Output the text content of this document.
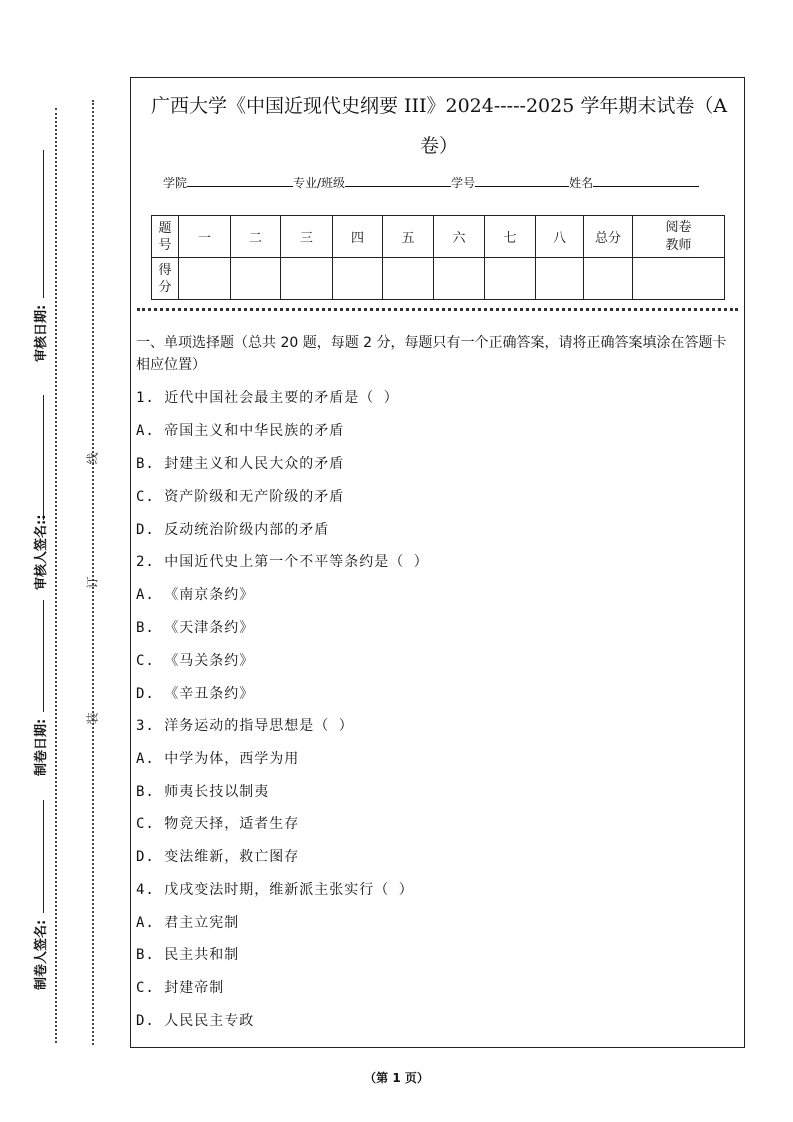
审核日期:
审核人签名::
制卷日期:
制卷人签名:
线
订
装
广西大学《中国近现代史纲要 III》2024-----2025 学年期末试卷（A
卷）
学院	专业/班级	学号	姓名
题号	一	二	三	四	五	六	七	八	总分	阅卷教师
得分										
一、单项选择题（总共 20 题，每题 2 分，每题只有一个正确答案，请将正确答案填涂在答题卡相应位置）
1. 近代中国社会最主要的矛盾是（ ）
A. 帝国主义和中华民族的矛盾
B. 封建主义和人民大众的矛盾
C. 资产阶级和无产阶级的矛盾
D. 反动统治阶级内部的矛盾
2. 中国近代史上第一个不平等条约是（ ）
A. 《南京条约》
B. 《天津条约》
C. 《马关条约》
D. 《辛丑条约》
3. 洋务运动的指导思想是（ ）
A. 中学为体，西学为用
B. 师夷长技以制夷
C. 物竞天择，适者生存
D. 变法维新，救亡图存
4. 戊戌变法时期，维新派主张实行（ ）
A. 君主立宪制
B. 民主共和制
C. 封建帝制
D. 人民民主专政
（第 1 页）
